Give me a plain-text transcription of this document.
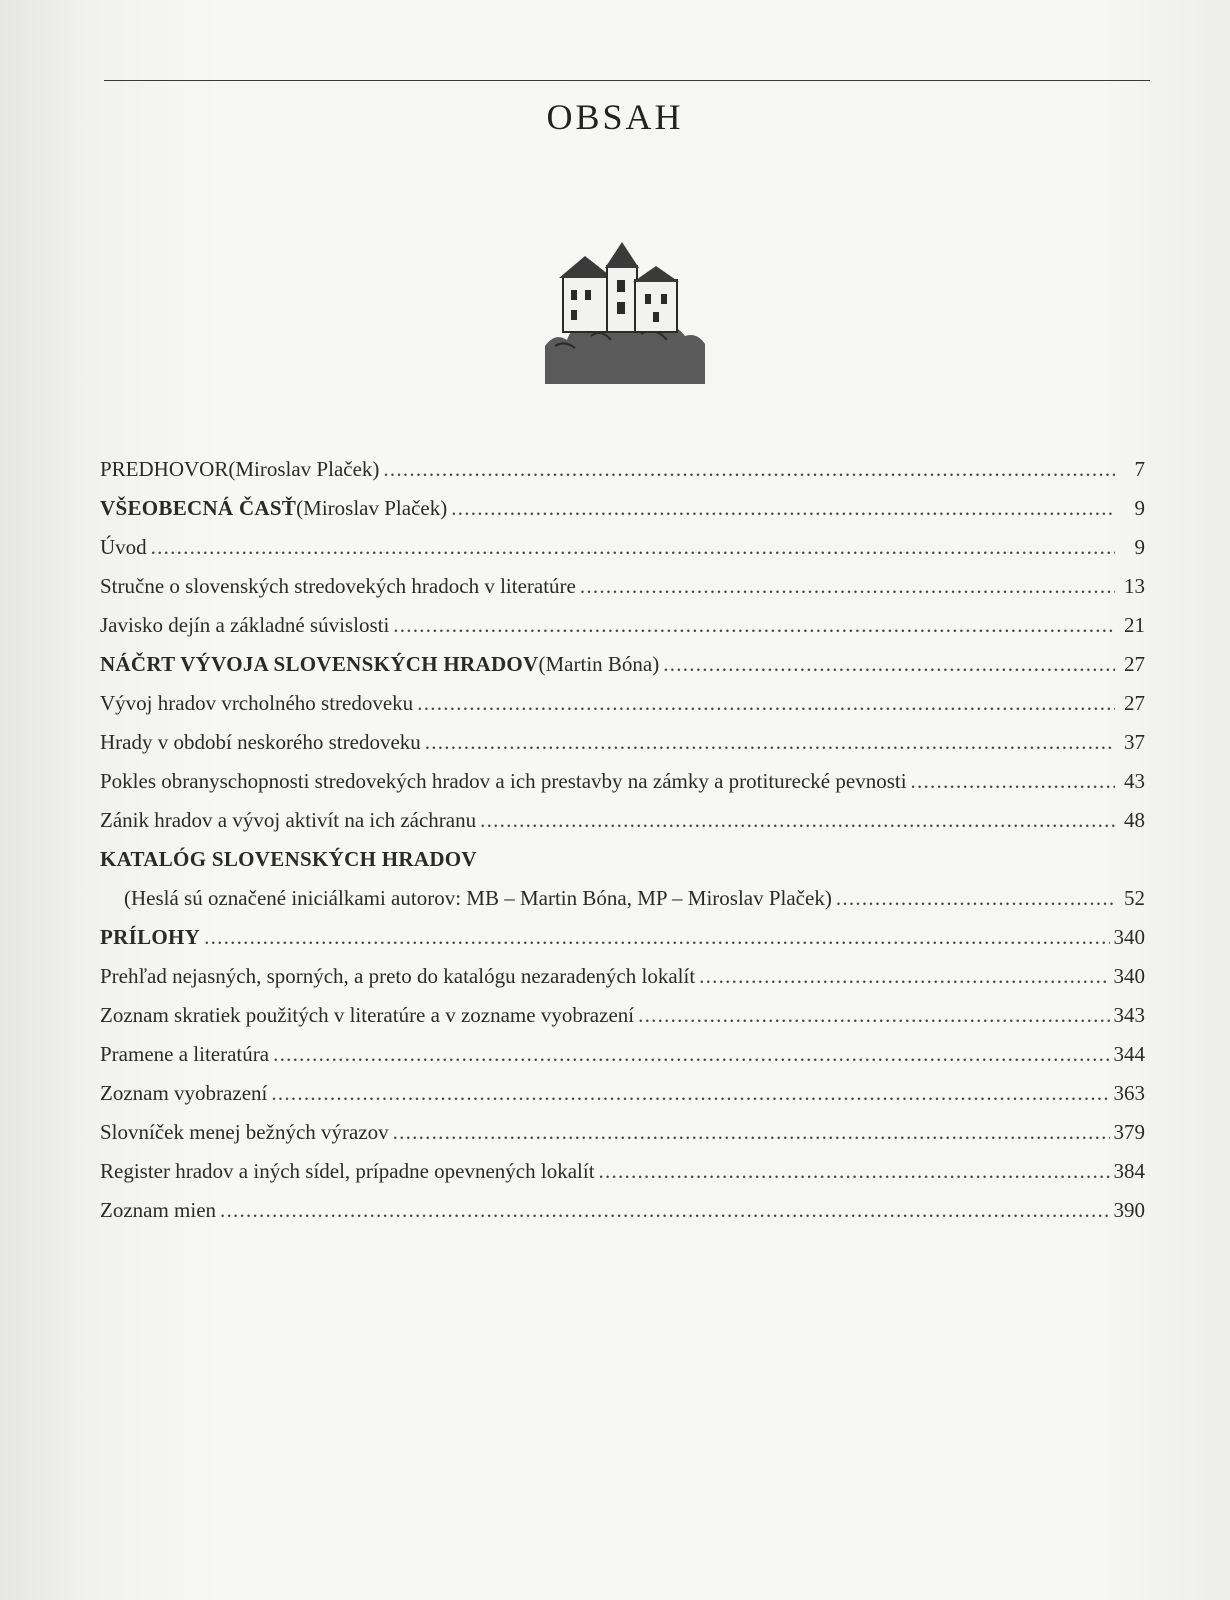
OBSAH
PREDHOVOR (Miroslav Plaček) . . .	7
VŠEOBECNÁ ČASŤ (Miroslav Plaček) . . .	9
Úvod . . .	9
Stručne o slovenských stredovekých hradoch v literatúre . . .	13
Javisko dejín a základné súvislosti . . .	21
NÁČRT VÝVOJA SLOVENSKÝCH HRADOV (Martin Bóna) . . .	27
Vývoj hradov vrcholného stredoveku . . .	27
Hrady v období neskorého stredoveku . . .	37
Pokles obranyschopnosti stredovekých hradov a ich prestavby na zámky a protiturecké pevnosti . . .	43
Zánik hradov a vývoj aktivít na ich záchranu . . .	48
KATALÓG SLOVENSKÝCH HRADOV
(Heslá sú označené iniciálkami autorov: MB – Martin Bóna, MP – Miroslav Plaček) . . .	52
PRÍLOHY . . .	340
Prehľad nejasných, sporných, a preto do katalógu nezaradených lokalít . . .	340
Zoznam skratiek použitých v literatúre a v zozname vyobrazení . . .	343
Pramene a literatúra . . .	344
Zoznam vyobrazení . . .	363
Slovníček menej bežných výrazov . . .	379
Register hradov a iných sídel, prípadne opevnených lokalít . . .	384
Zoznam mien . . .	390
